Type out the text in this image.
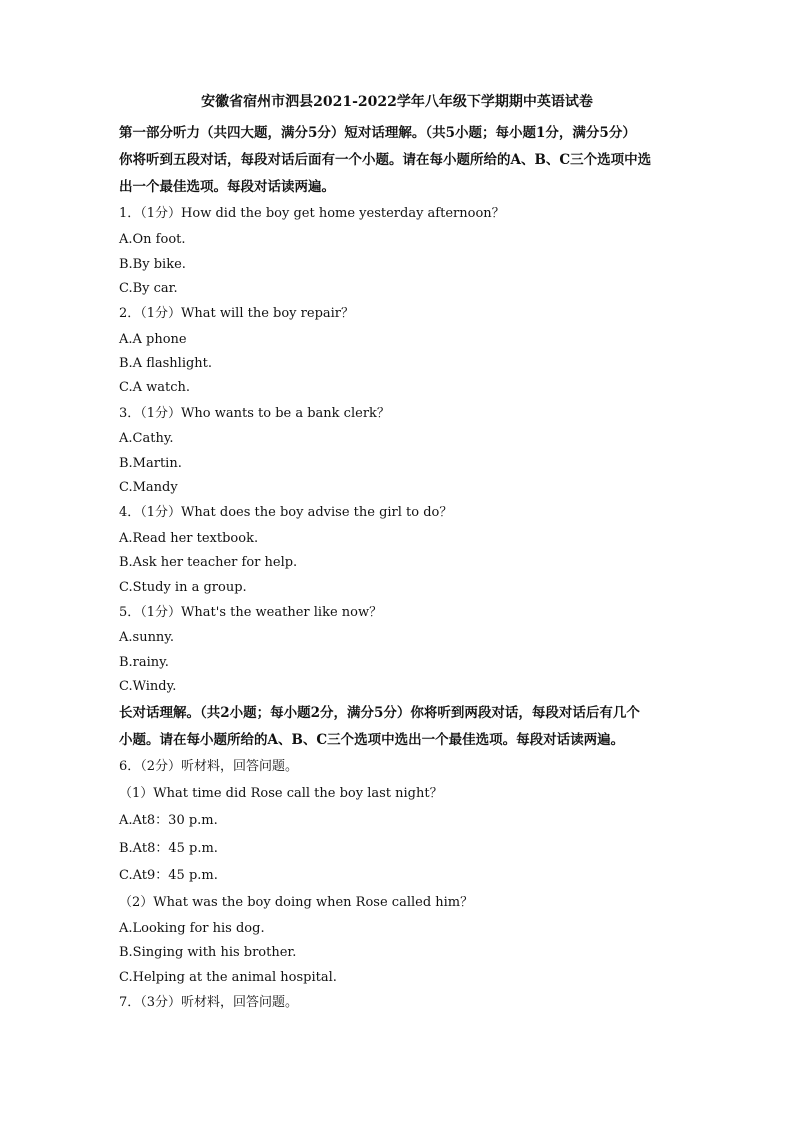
安徽省宿州市泗县2021-2022学年八年级下学期期中英语试卷
第一部分听力（共四大题，满分5分）短对话理解。（共5小题；每小题1分，满分5分）
你将听到五段对话，每段对话后面有一个小题。请在每小题所给的A、B、C三个选项中选
出一个最佳选项。每段对话读两遍。
1．（1分）How did the boy get home yesterday afternoon？
A.On foot.
B.By bike.
C.By car.
2．（1分）What will the boy repair？
A.A phone
B.A flashlight.
C.A watch.
3．（1分）Who wants to be a bank clerk？
A.Cathy.
B.Martin.
C.Mandy
4．（1分）What does the boy advise the girl to do？
A.Read her textbook.
B.Ask her teacher for help.
C.Study in a group.
5．（1分）What's the weather like now？
A.sunny.
B.rainy.
C.Windy.
长对话理解。（共2小题；每小题2分，满分5分）你将听到两段对话，每段对话后有几个
小题。请在每小题所给的A、B、C三个选项中选出一个最佳选项。每段对话读两遍。
6．（2分）听材料，回答问题。
（1）What time did Rose call the boy last night？
A.At8：30 p.m.
B.At8：45 p.m.
C.At9：45 p.m.
（2）What was the boy doing when Rose called him？
A.Looking for his dog.
B.Singing with his brother.
C.Helping at the animal hospital.
7．（3分）听材料，回答问题。
